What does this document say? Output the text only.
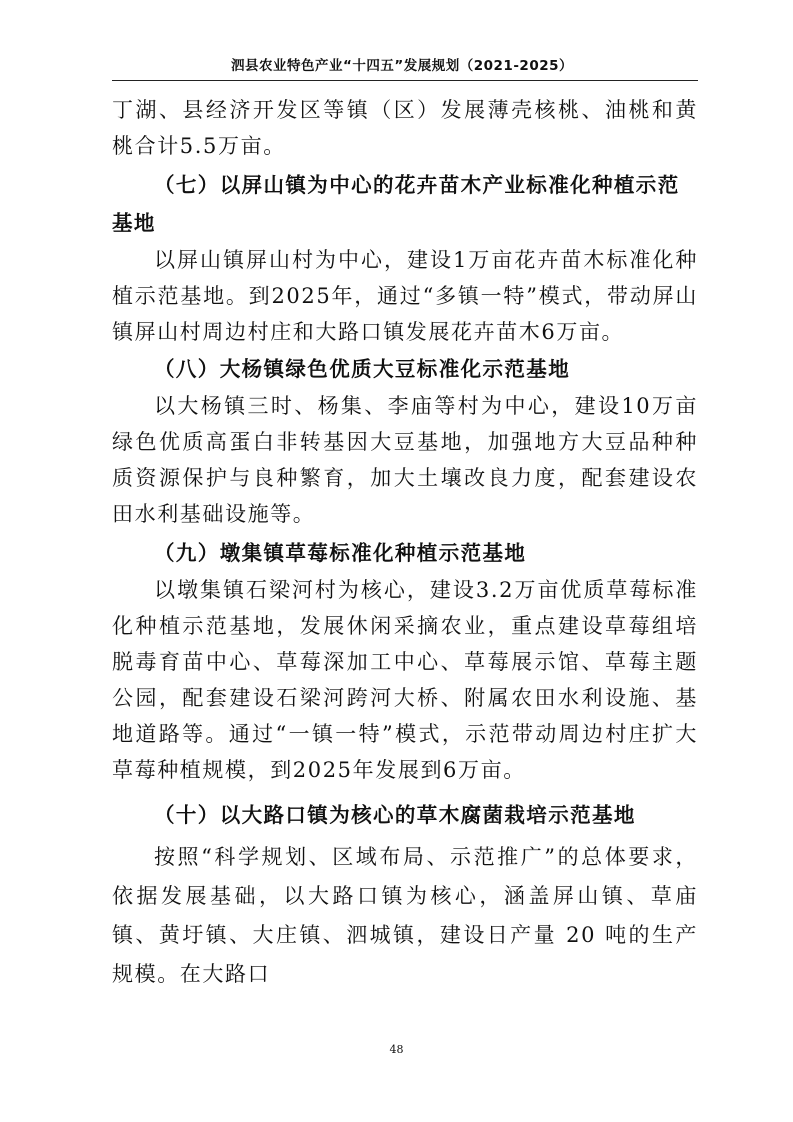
泗县农业特色产业“十四五”发展规划（2021-2025）

丁湖、县经济开发区等镇（区）发展薄壳核桃、油桃和黄桃合计5.5万亩。

（七）以屏山镇为中心的花卉苗木产业标准化种植示范基地

以屏山镇屏山村为中心，建设1万亩花卉苗木标准化种植示范基地。到2025年，通过“多镇一特”模式，带动屏山镇屏山村周边村庄和大路口镇发展花卉苗木6万亩。

（八）大杨镇绿色优质大豆标准化示范基地

以大杨镇三时、杨集、李庙等村为中心，建设10万亩绿色优质高蛋白非转基因大豆基地，加强地方大豆品种种质资源保护与良种繁育，加大土壤改良力度，配套建设农田水利基础设施等。

（九）墩集镇草莓标准化种植示范基地

以墩集镇石梁河村为核心，建设3.2万亩优质草莓标准化种植示范基地，发展休闲采摘农业，重点建设草莓组培脱毒育苗中心、草莓深加工中心、草莓展示馆、草莓主题公园，配套建设石梁河跨河大桥、附属农田水利设施、基地道路等。通过“一镇一特”模式，示范带动周边村庄扩大草莓种植规模，到2025年发展到6万亩。

（十）以大路口镇为核心的草木腐菌栽培示范基地

按照“科学规划、区域布局、示范推广”的总体要求，依据发展基础，以大路口镇为核心，涵盖屏山镇、草庙镇、黄圩镇、大庄镇、泗城镇，建设日产量 20 吨的生产规模。在大路口

48
